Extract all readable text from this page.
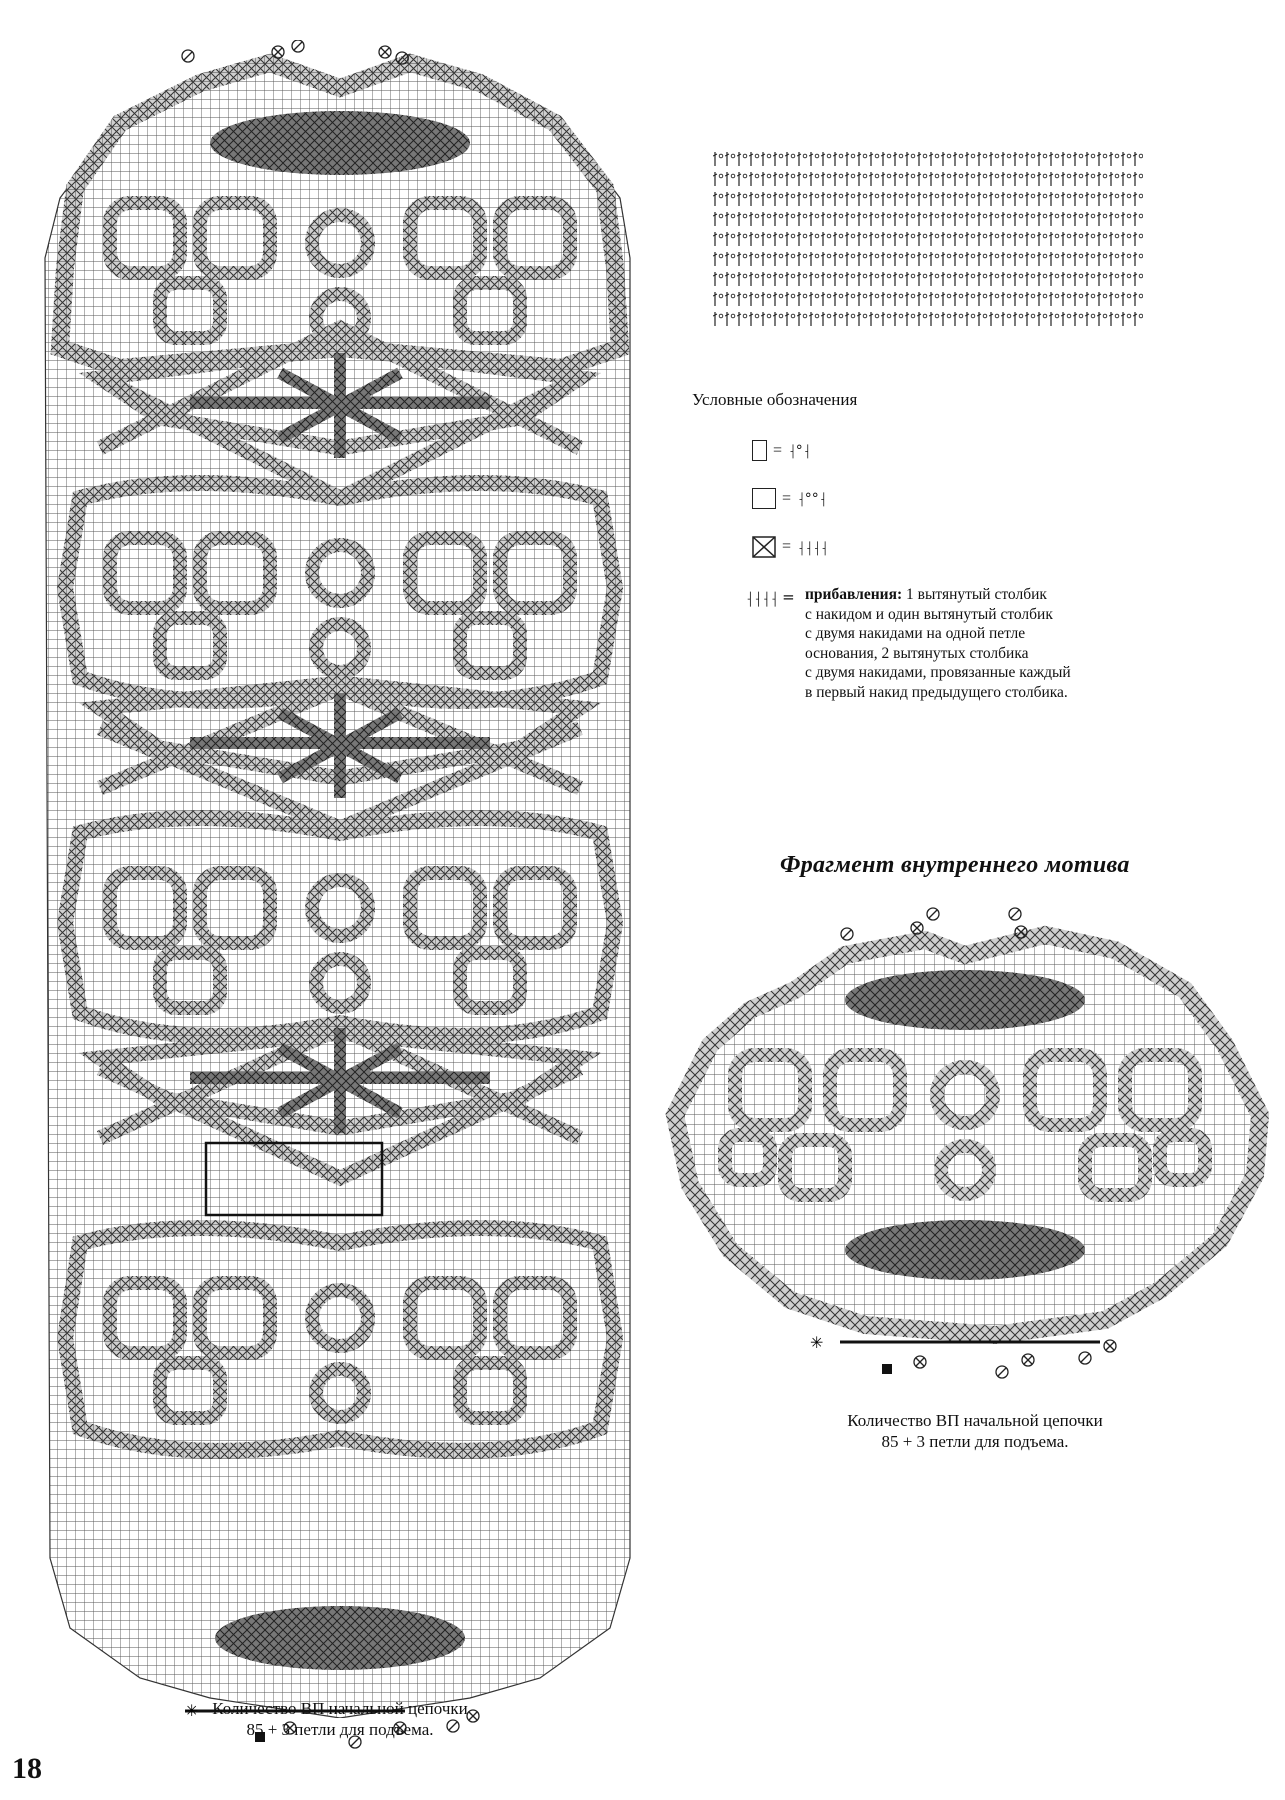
✳ Количество ВП начальной цепочки
85 + 3 петли для подъема.
Условные обозначения
= ⸡°⸡
= ⸡°°⸡
= ⸡⸡⸡⸡
⸡⸡⸡⸡ = прибавления: 1 вытянутый столбик
с накидом и один вытянутый столбик
с двумя накидами на одной петле
основания, 2 вытянутых столбика
с двумя накидами, провязанные каждый
в первый накид предыдущего столбика.
Фрагмент внутреннего мотива
✳
Количество ВП начальной цепочки
85 + 3 петли для подъема.
18
